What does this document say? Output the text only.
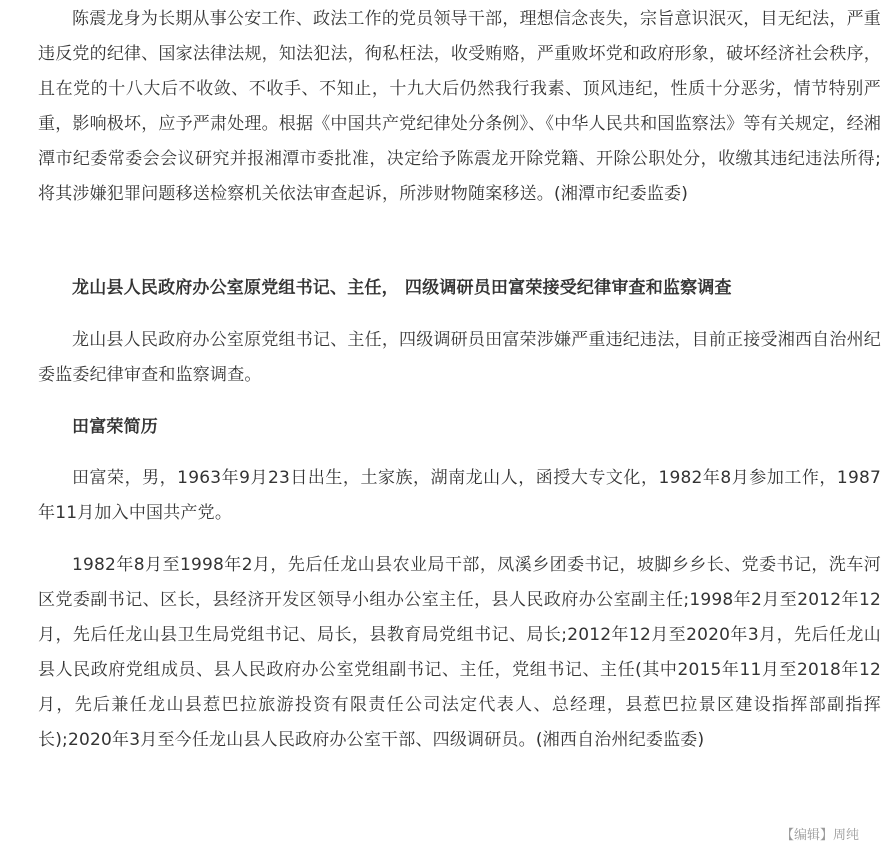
陈震龙身为长期从事公安工作、政法工作的党员领导干部，理想信念丧失，宗旨意识泯灭，目无纪法，严重违反党的纪律、国家法律法规，知法犯法，徇私枉法，收受贿赂，严重败坏党和政府形象，破坏经济社会秩序，且在党的十八大后不收敛、不收手、不知止，十九大后仍然我行我素、顶风违纪，性质十分恶劣，情节特别严重，影响极坏，应予严肃处理。根据《中国共产党纪律处分条例》、《中华人民共和国监察法》等有关规定，经湘潭市纪委常委会会议研究并报湘潭市委批准，决定给予陈震龙开除党籍、开除公职处分，收缴其违纪违法所得;将其涉嫌犯罪问题移送检察机关依法审查起诉，所涉财物随案移送。(湘潭市纪委监委)

龙山县人民政府办公室原党组书记、主任， 四级调研员田富荣接受纪律审查和监察调查

龙山县人民政府办公室原党组书记、主任，四级调研员田富荣涉嫌严重违纪违法，目前正接受湘西自治州纪委监委纪律审查和监察调查。

田富荣简历

田富荣，男，1963年9月23日出生，土家族，湖南龙山人，函授大专文化，1982年8月参加工作，1987年11月加入中国共产党。

1982年8月至1998年2月，先后任龙山县农业局干部，凤溪乡团委书记，坡脚乡乡长、党委书记，洗车河区党委副书记、区长，县经济开发区领导小组办公室主任，县人民政府办公室副主任;1998年2月至2012年12月，先后任龙山县卫生局党组书记、局长，县教育局党组书记、局长;2012年12月至2020年3月，先后任龙山县人民政府党组成员、县人民政府办公室党组副书记、主任，党组书记、主任(其中2015年11月至2018年12月，先后兼任龙山县惹巴拉旅游投资有限责任公司法定代表人、总经理，县惹巴拉景区建设指挥部副指挥长);2020年3月至今任龙山县人民政府办公室干部、四级调研员。(湘西自治州纪委监委)

【编辑】周纯
